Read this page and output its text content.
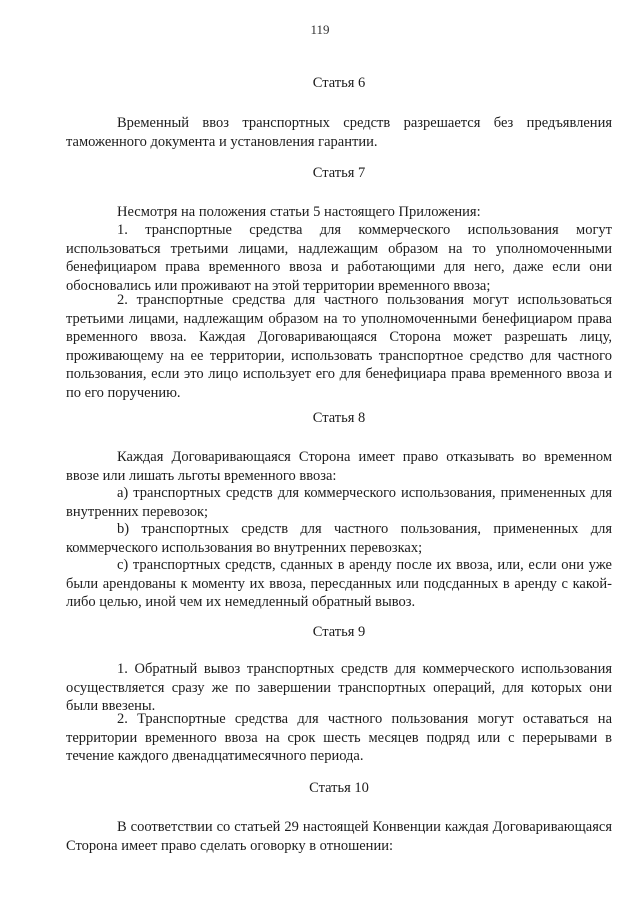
119
Статья 6

Временный ввоз транспортных средств разрешается без предъявления таможенного документа и установления гарантии.

Статья 7

Несмотря на положения статьи 5 настоящего Приложения:

1. транспортные средства для коммерческого использования могут использоваться третьими лицами, надлежащим образом на то уполномоченными бенефициаром права временного ввоза и работающими для него, даже если они обосновались или проживают на этой территории временного ввоза;

2. транспортные средства для частного пользования могут использоваться третьими лицами, надлежащим образом на то уполномоченными бенефициаром права временного ввоза. Каждая Договаривающаяся Сторона может разрешать лицу, проживающему на ее территории, использовать транспортное средство для частного пользования, если это лицо использует его для бенефициара права временного ввоза и по его поручению.

Статья 8

Каждая Договаривающаяся Сторона имеет право отказывать во временном ввозе или лишать льготы временного ввоза:

a) транспортных средств для коммерческого использования, примененных для внутренних перевозок;

b) транспортных средств для частного пользования, примененных для коммерческого использования во внутренних перевозках;

c) транспортных средств, сданных в аренду после их ввоза, или, если они уже были арендованы к моменту их ввоза, пересданных или подсданных в аренду с какой-либо целью, иной чем их немедленный обратный вывоз.

Статья 9

1. Обратный вывоз транспортных средств для коммерческого использования осуществляется сразу же по завершении транспортных операций, для которых они были ввезены.

2. Транспортные средства для частного пользования могут оставаться на территории временного ввоза на срок шесть месяцев подряд или с перерывами в течение каждого двенадцатимесячного периода.

Статья 10

В соответствии со статьей 29 настоящей Конвенции каждая Договаривающаяся Сторона имеет право сделать оговорку в отношении:
